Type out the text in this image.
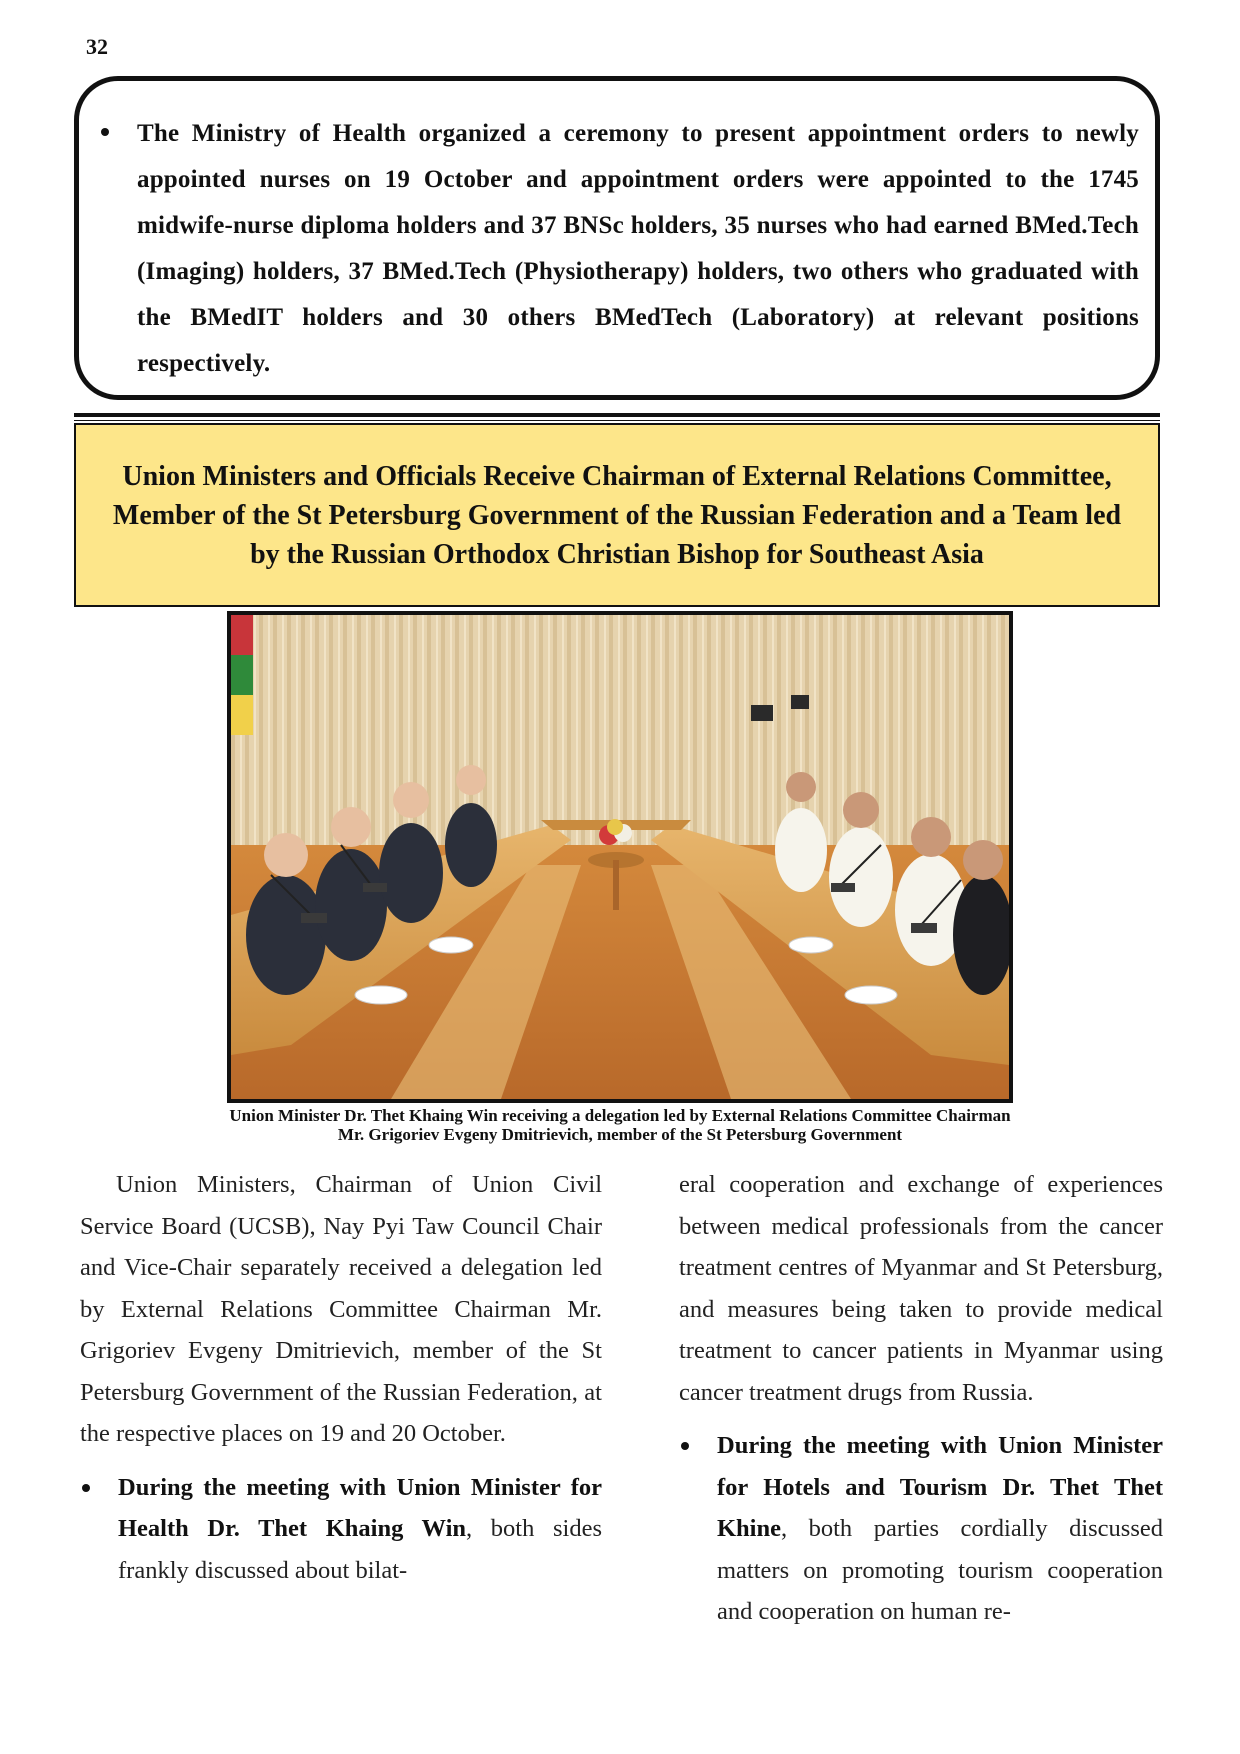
32
The Ministry of Health organized a ceremony to present appointment orders to newly appointed nurses on 19 October and appointment orders were appointed to the 1745 midwife-nurse diploma holders and 37 BNSc holders, 35 nurses who had earned BMed.Tech (Imaging) holders, 37 BMed.Tech (Physiotherapy) holders, two others who graduated with the BMedIT holders and 30 others BMedTech (Laboratory) at relevant positions respectively.
Union Ministers and Officials Receive Chairman of External Relations Committee, Member of the St Petersburg Government of the Russian Federation and a Team led by the Russian Orthodox Christian Bishop for Southeast Asia
Union Minister Dr. Thet Khaing Win receiving a delegation led by External Relations Committee Chairman
Mr. Grigoriev Evgeny Dmitrievich, member of the St Petersburg Government

Union Ministers, Chairman of Union Civil Service Board (UCSB), Nay Pyi Taw Council Chair and Vice-Chair separately received a delegation led by External Relations Committee Chairman Mr. Grigoriev Evgeny Dmitrievich, member of the St Petersburg Government of the Russian Federation, at the respective places on 19 and 20 October.

During the meeting with Union Minister for Health Dr. Thet Khaing Win, both sides frankly discussed about bilat-

eral cooperation and exchange of experiences between medical professionals from the cancer treatment centres of Myanmar and St Petersburg, and measures being taken to provide medical treatment to cancer patients in Myanmar using cancer treatment drugs from Russia.

During the meeting with Union Minister for Hotels and Tourism Dr. Thet Thet Khine, both parties cordially discussed matters on promoting tourism cooperation and cooperation on human re-
